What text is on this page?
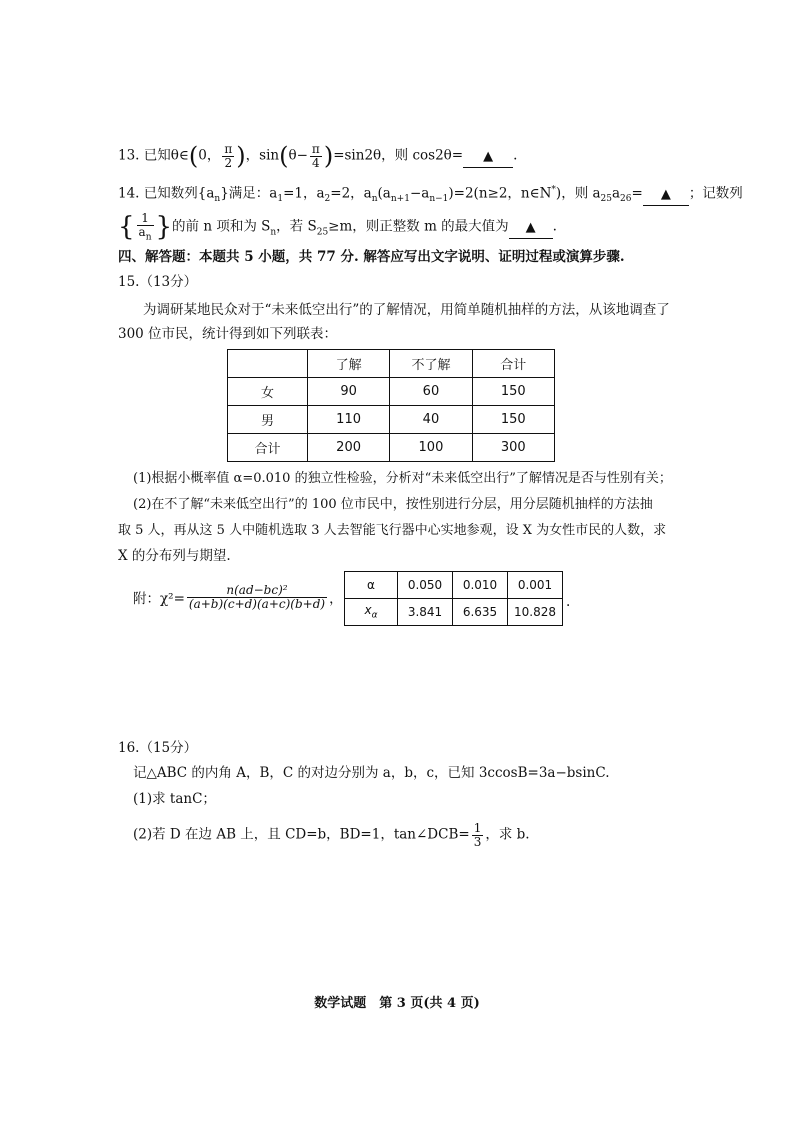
13. 已知θ∈(0， $\frac{\pi}{2}$ )，$\sin(\theta- \frac{\pi}{4} )=\sin 2\theta$，则 cos2θ= ▲ .
14. 已知数列$\{a_n\}$满足：$a_1=1$，$a_2=2$，$a_n(a_{n+1}-a_{n-1})=2(n\ge 2$，n∈N*)，则 $a_{25}a_{26}=$ ▲ ；记数列
{ $\frac{1}{a_n}$ }的前 n 项和为 $S_n$，若 $S_{25}\ge m$，则正整数 m 的最大值为 ▲ .
四、解答题：本题共 5 小题，共 77 分. 解答应写出文字说明、证明过程或演算步骤.
15.（13分）
为调研某地民众对于“未来低空出行”的了解情况，用简单随机抽样的方法，从该地调查了
300 位市民，统计得到如下列联表：
	了解	不了解	合计
女	90	60	150
男	110	40	150
合计	200	100	300
(1)根据小概率值 α=0.010 的独立性检验，分析对“未来低空出行”了解情况是否与性别有关；
(2)在不了解“未来低空出行”的 100 位市民中，按性别进行分层，用分层随机抽样的方法抽
取 5 人，再从这 5 人中随机选取 3 人去智能飞行器中心实地参观，设 X 为女性市民的人数，求
X 的分布列与期望.
附：$\chi^2= \frac{\text{n(ad−bc)²}}{(a+b)(c+d)(a+c)(b+d)}$ ，
α	0.050	0.010	0.001
$x_\alpha$	3.841	6.635	10.828
.
16.（15分）
记△ABC 的内角 A，B，C 的对边分别为 a，b，c，已知 3ccosB=3a−bsinC.
(1)求 tanC；
(2)若 D 在边 AB 上，且 CD=b，BD=1，tan∠DCB= $\frac{1}{3}$ ，求 b.
数学试题　第 3 页(共 4 页)
